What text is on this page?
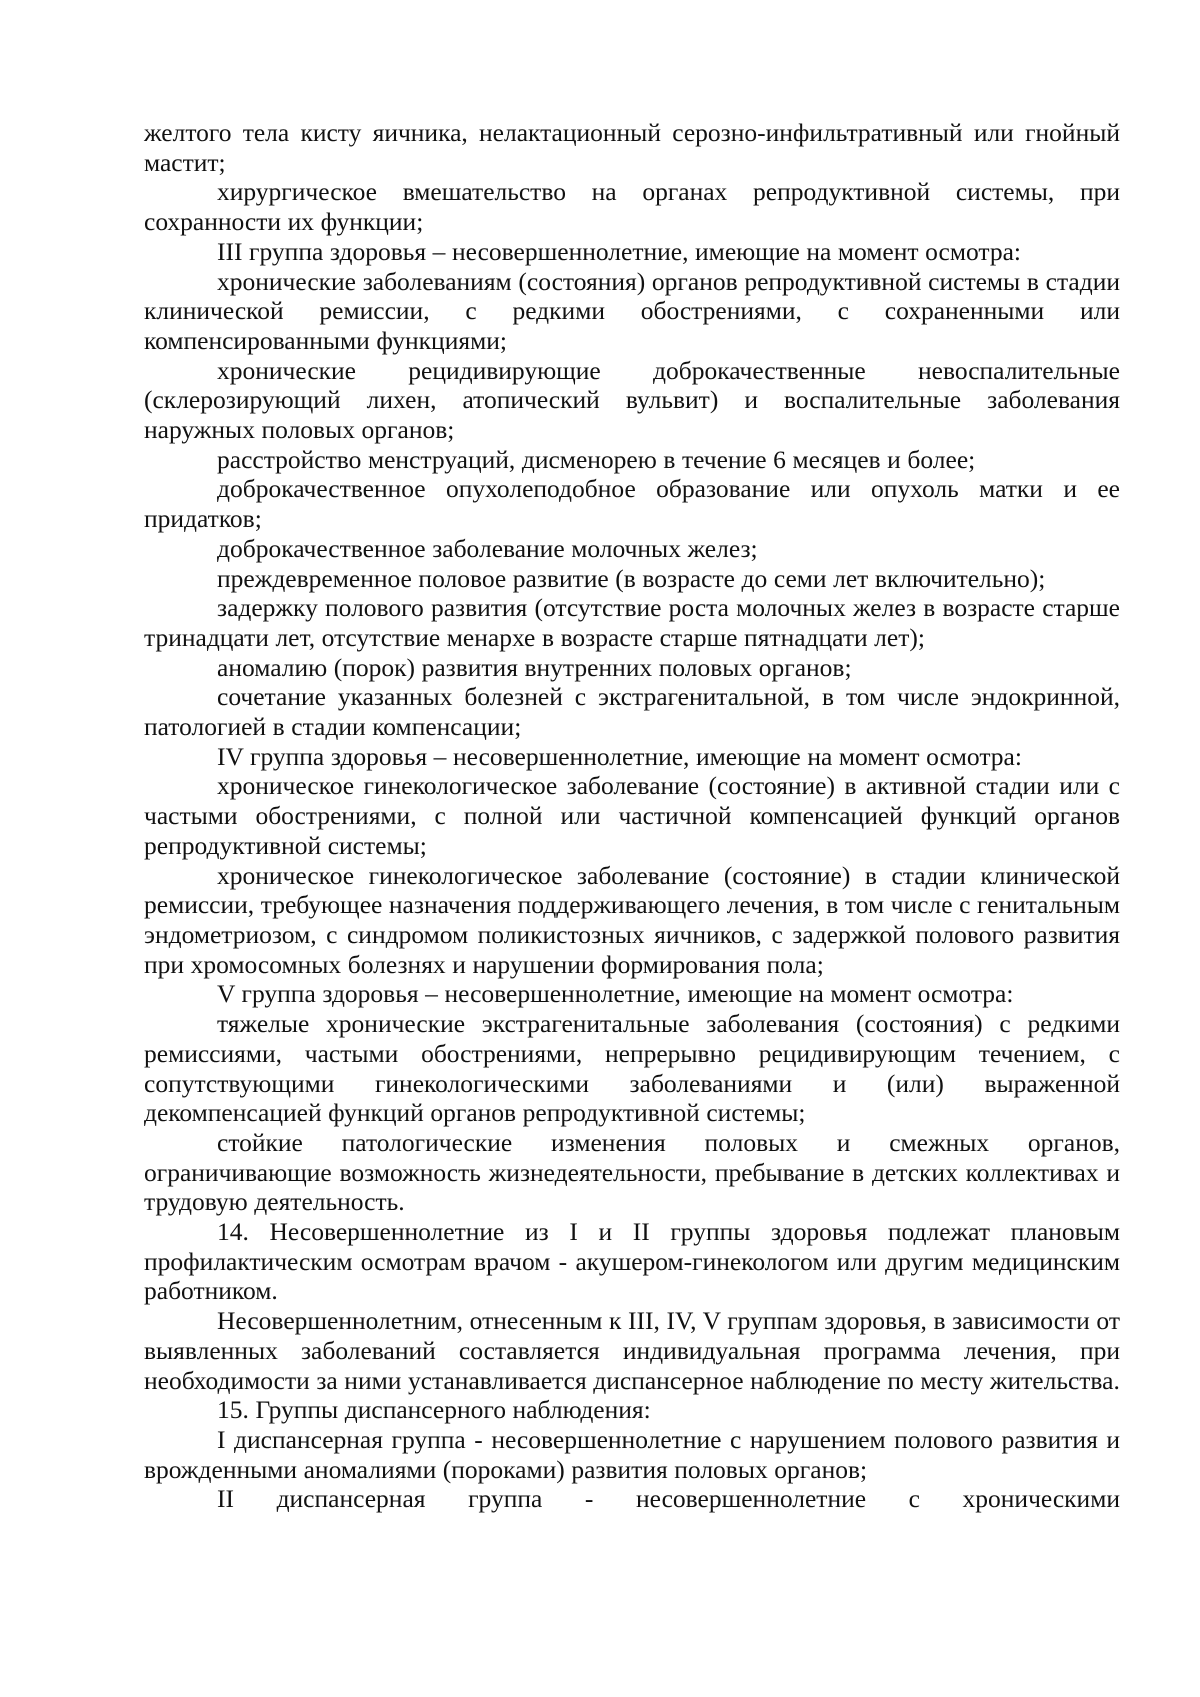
желтого тела кисту яичника, нелактационный серозно-инфильтративный или гнойный мастит;

хирургическое вмешательство на органах репродуктивной системы, при сохранности их функции;

III группа здоровья – несовершеннолетние, имеющие на момент осмотра:

хронические заболеваниям (состояния) органов репродуктивной системы в стадии клинической ремиссии, с редкими обострениями, с сохраненными или компенсированными функциями;

хронические рецидивирующие доброкачественные невоспалительные (склерозирующий лихен, атопический вульвит) и воспалительные заболевания наружных половых органов;

расстройство менструаций, дисменорею в течение 6 месяцев и более;

доброкачественное опухолеподобное образование или опухоль матки и ее придатков;

доброкачественное заболевание молочных желез;

преждевременное половое развитие (в возрасте до семи лет включительно);

задержку полового развития (отсутствие роста молочных желез в возрасте старше тринадцати лет, отсутствие менархе в возрасте старше пятнадцати лет);

аномалию (порок) развития внутренних половых органов;

сочетание указанных болезней с экстрагенитальной, в том числе эндокринной, патологией в стадии компенсации;

IV группа здоровья – несовершеннолетние, имеющие на момент осмотра:

хроническое гинекологическое заболевание (состояние) в активной стадии или с частыми обострениями, с полной или частичной компенсацией функций органов репродуктивной системы;

хроническое гинекологическое заболевание (состояние) в стадии клинической ремиссии, требующее назначения поддерживающего лечения, в том числе с генитальным эндометриозом, с синдромом поликистозных яичников, с задержкой полового развития при хромосомных болезнях и нарушении формирования пола;

V группа здоровья – несовершеннолетние, имеющие на момент осмотра:

тяжелые хронические экстрагенитальные заболевания (состояния) с редкими ремиссиями, частыми обострениями, непрерывно рецидивирующим течением, с сопутствующими гинекологическими заболеваниями и (или) выраженной декомпенсацией функций органов репродуктивной системы;

стойкие патологические изменения половых и смежных органов, ограничивающие возможность жизнедеятельности, пребывание в детских коллективах и трудовую деятельность.

14. Несовершеннолетние из I и II группы здоровья подлежат плановым профилактическим осмотрам врачом - акушером-гинекологом или другим медицинским работником.

Несовершеннолетним, отнесенным к III, IV, V группам здоровья, в зависимости от выявленных заболеваний составляется индивидуальная программа лечения, при необходимости за ними устанавливается диспансерное наблюдение по месту жительства.

15. Группы диспансерного наблюдения:

I диспансерная группа - несовершеннолетние с нарушением полового развития и врожденными аномалиями (пороками) развития половых органов;

II диспансерная группа - несовершеннолетние с хроническими
